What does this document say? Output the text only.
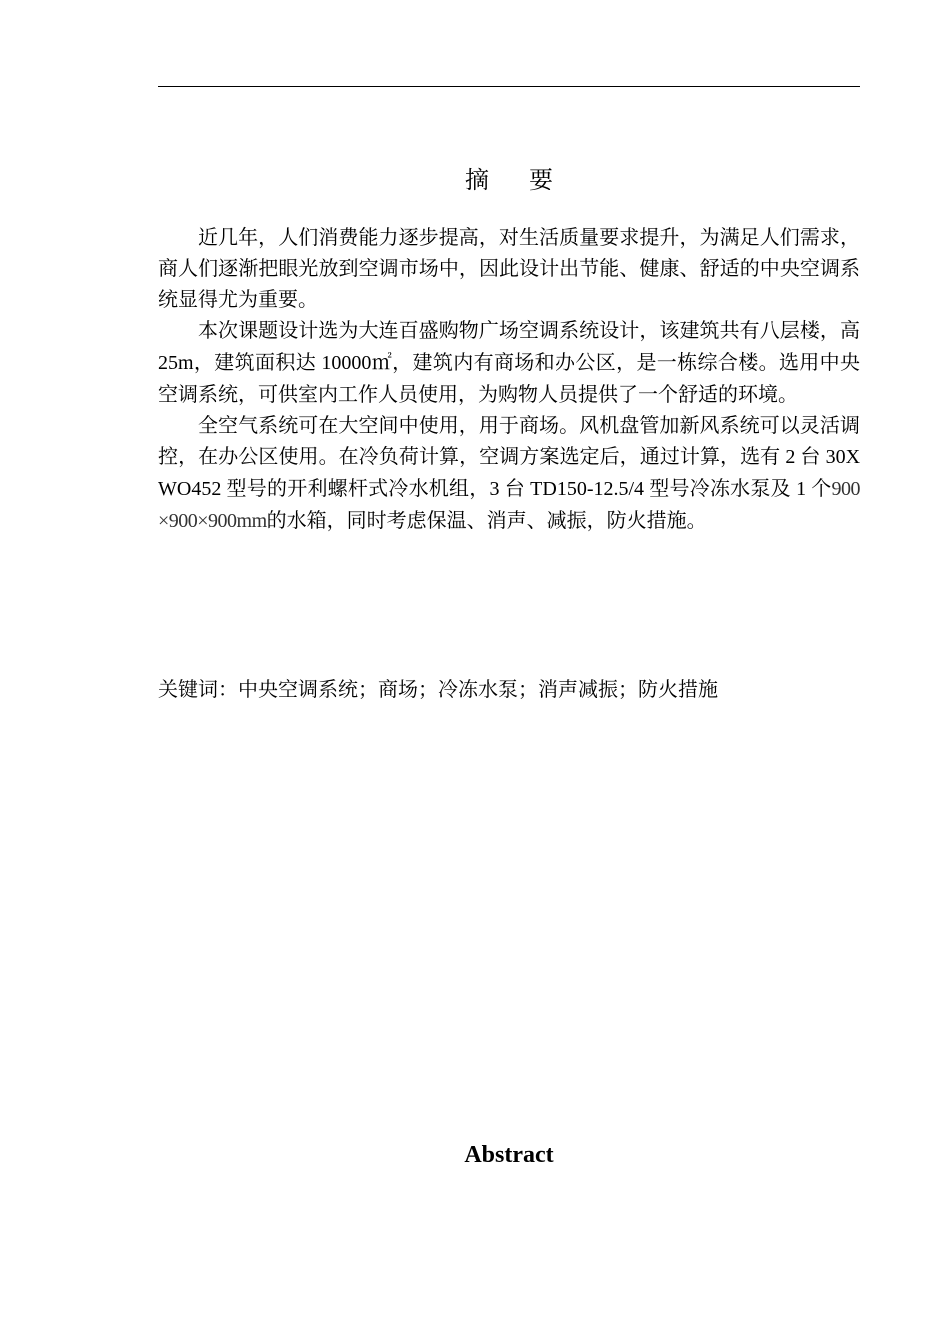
摘 要

近几年，人们消费能力逐步提高，对生活质量要求提升，为满足人们需求，商人们逐渐把眼光放到空调市场中，因此设计出节能、健康、舒适的中央空调系统显得尤为重要。

本次课题设计选为大连百盛购物广场空调系统设计，该建筑共有八层楼，高 25m，建筑面积达 10000㎡，建筑内有商场和办公区，是一栋综合楼。选用中央空调系统，可供室内工作人员使用，为购物人员提供了一个舒适的环境。

全空气系统可在大空间中使用，用于商场。风机盘管加新风系统可以灵活调控，在办公区使用。在冷负荷计算，空调方案选定后，通过计算，选有 2 台 30XWO452 型号的开利螺杆式冷水机组，3 台 TD150-12.5/4 型号冷冻水泵及 1 个900×900×900mm的水箱，同时考虑保温、消声、减振，防火措施。

关键词：中央空调系统；商场；冷冻水泵；消声减振；防火措施
Abstract
